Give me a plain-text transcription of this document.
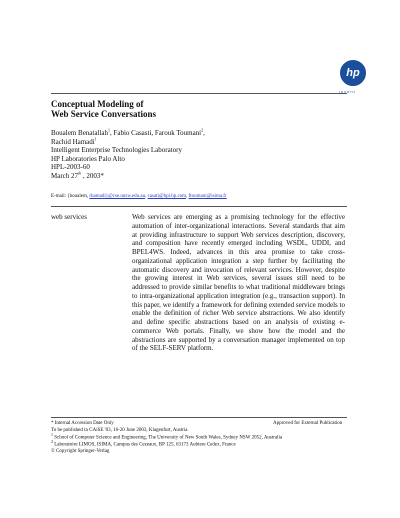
hp
invent
Conceptual Modeling of
Web Service Conversations
Boualem Benatallah$^1$, Fabio Casasti, Farouk Toumani$^2$,
Rachid Hamadi$^1$
Intelligent Enterprise Technologies Laboratory
HP Laboratories Palo Alto
HPL-2003-60
March 27th , 2003*
E-mail: {boualem, rhamadi}@cse.unsw.edu.au, casati@hpl.hp.com, ftoumani@isima.fr
web services	Web services are emerging as a promising technology for the effective automation of inter-organizational interactions. Several standards that aim at providing infrastructure to support Web services description, discovery, and composition have recently emerged including WSDL, UDDI, and BPEL4WS. Indeed, advances in this area promise to take cross-organizational application integration a step further by facilitating the automatic discovery and invocation of relevant services. However, despite the growing interest in Web services, several issues still need to be addressed to provide similar benefits to what traditional middleware brings to intra-organizational application integration (e.g., transaction support). In this paper, we identify a framework for defining extended service models to enable the definition of richer Web service abstractions. We also identify and define specific abstractions based on an analysis of existing e-commerce Web portals. Finally, we show how the model and the abstractions are supported by a conversation manager implemented on top of the SELF-SERV platform.
* Internal Accession Date Only	Approved for External Publication
To be published in CAiSE '03, 16-20 June 2003, Klagenfurt, Austria
$^1$ School of Computer Science and Engineering, The University of New South Wales, Sydney NSW 2052, Australia
$^2$ Laboratoire LIMOS, ISIMA, Campus des Cezeaux, BP 125, 63173 Aubiere Cedex, France
© Copyright Springer-Verlag
